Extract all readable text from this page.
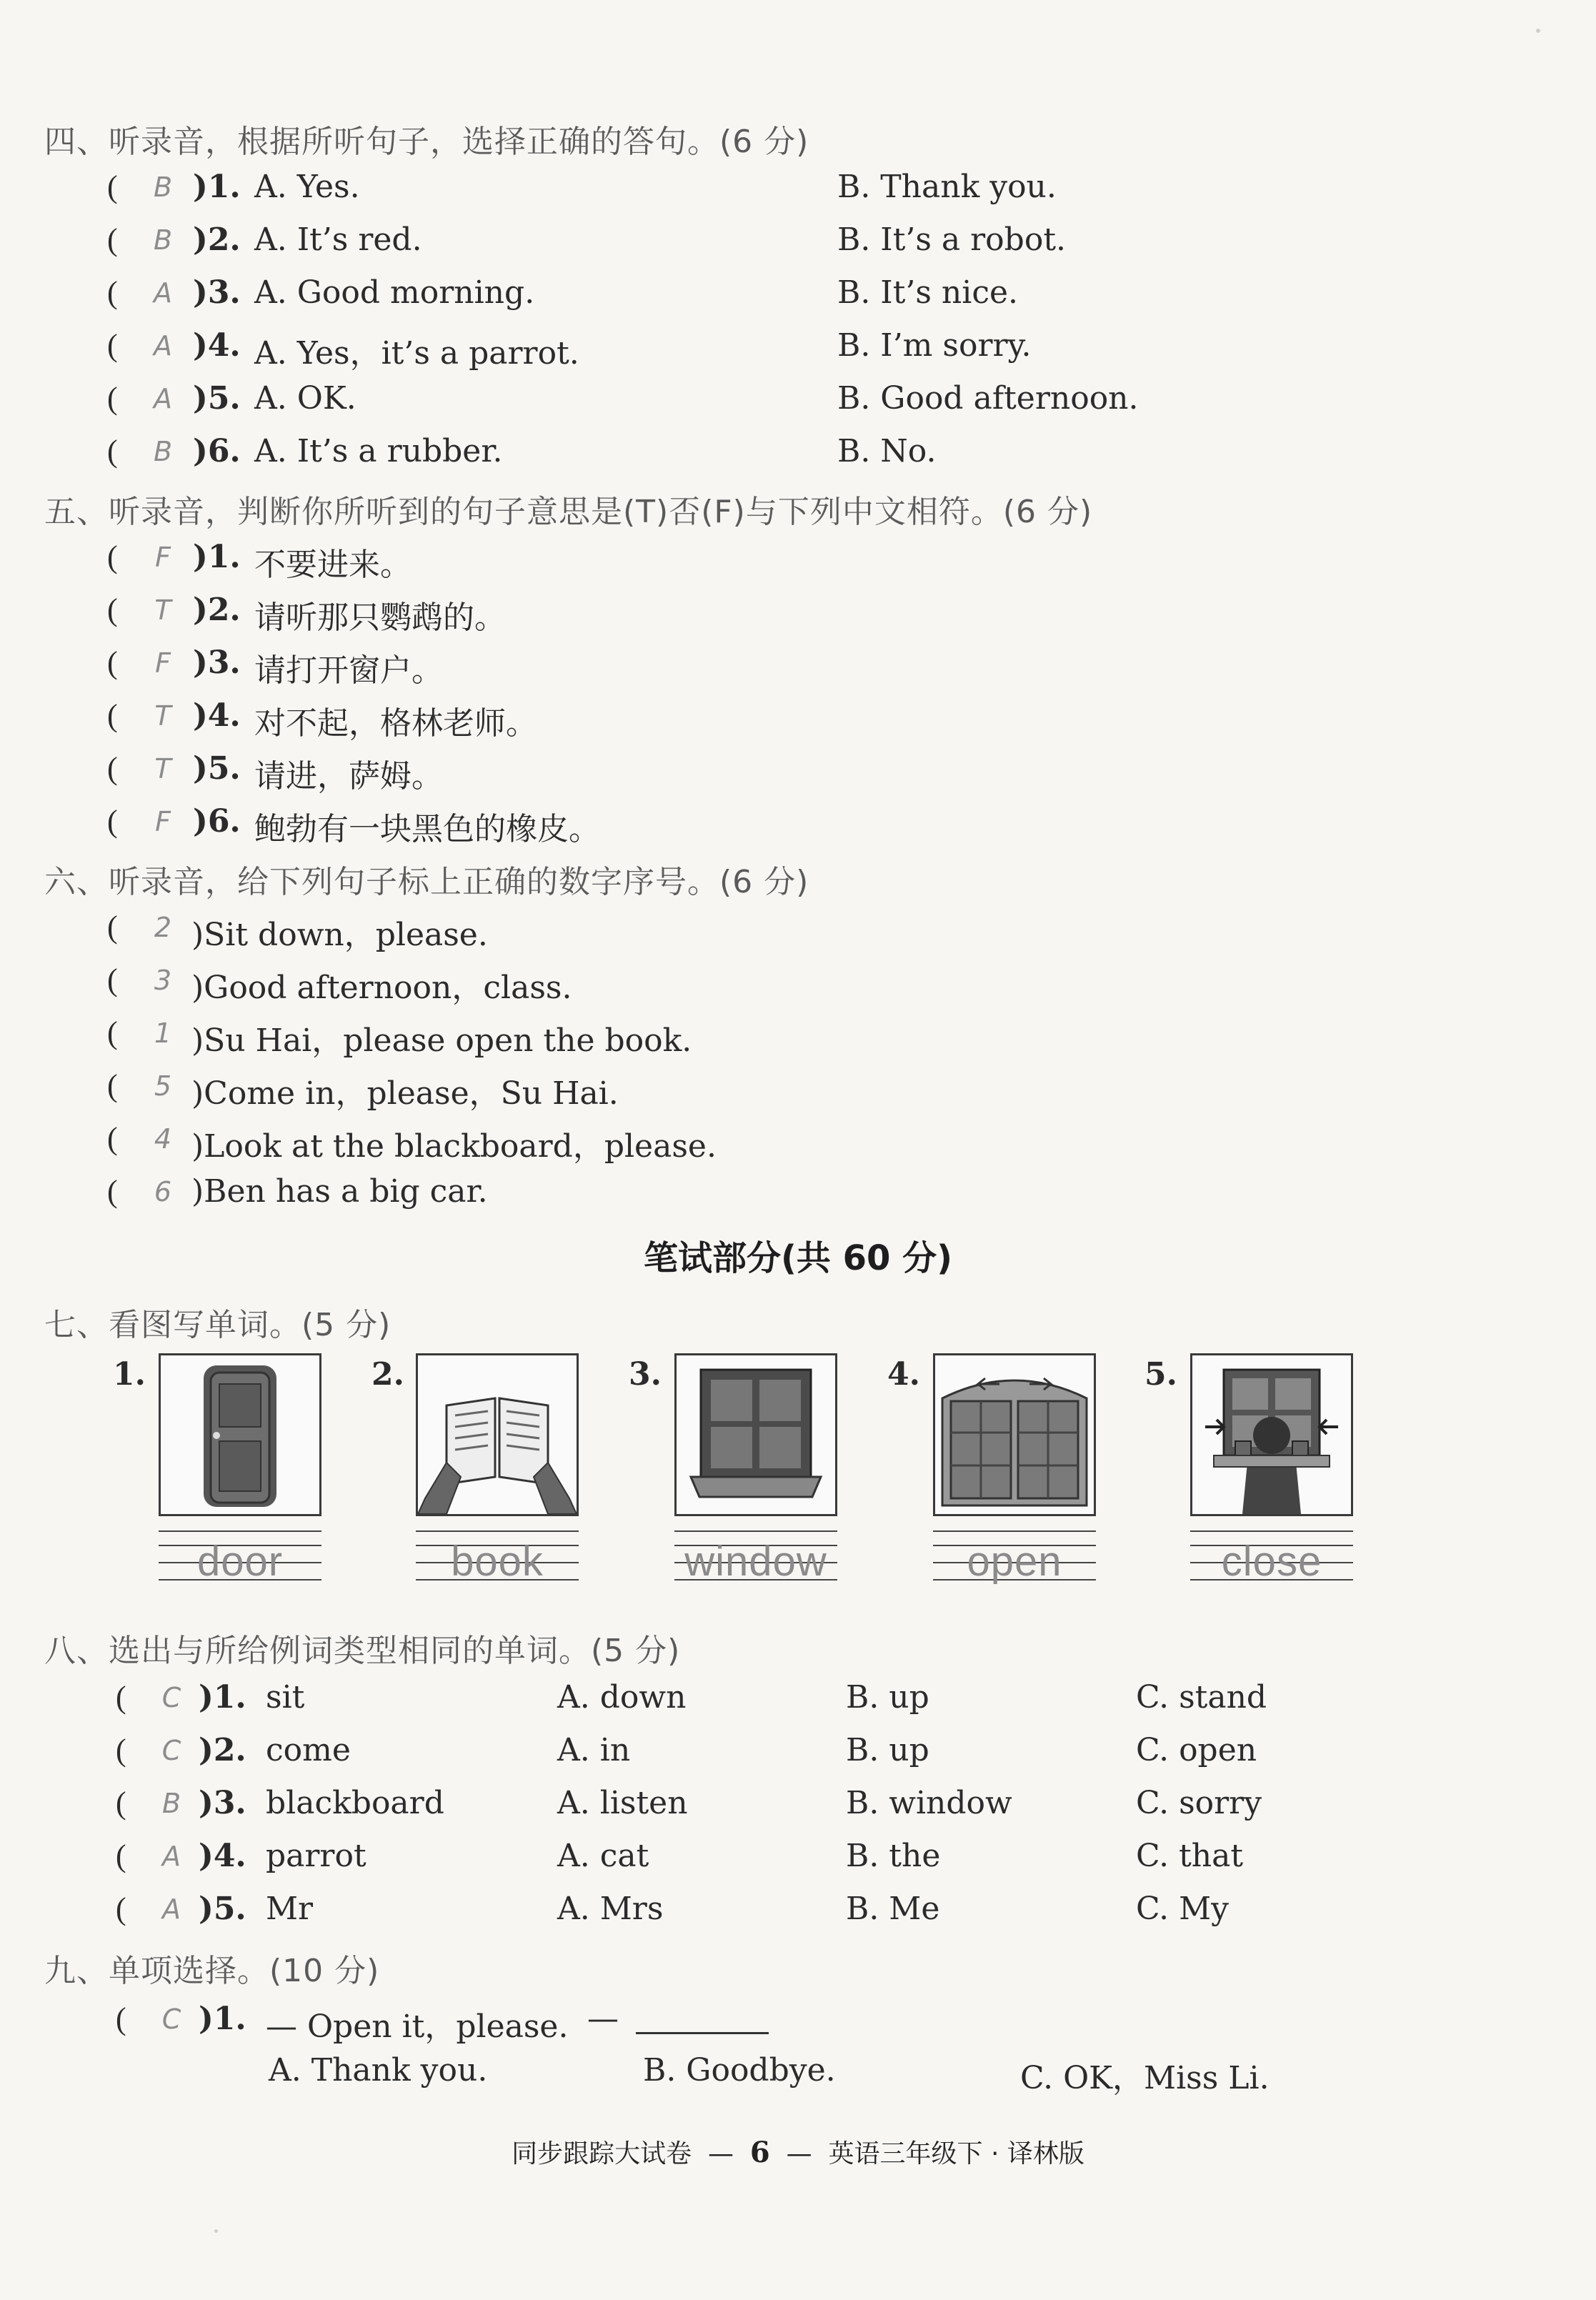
四、听录音，根据所听句子，选择正确的答句。(6 分)
( B )1. A. Yes.	B. Thank you.
( B )2. A. It’s red.	B. It’s a robot.
( A )3. A. Good morning.	B. It’s nice.
( A )4. A. Yes，it’s a parrot.	B. I’m sorry.
( A )5. A. OK.	B. Good afternoon.
( B )6. A. It’s a rubber.	B. No.
五、听录音，判断你所听到的句子意思是(T)否(F)与下列中文相符。(6 分)
( F )1. 不要进来。
( T )2. 请听那只鹦鹉的。
( F )3. 请打开窗户。
( T )4. 对不起，格林老师。
( T )5. 请进，萨姆。
( F )6. 鲍勃有一块黑色的橡皮。
六、听录音，给下列句子标上正确的数字序号。(6 分)
( 2 )Sit down，please.
( 3 )Good afternoon，class.
( 1 )Su Hai，please open the book.
( 5 )Come in，please，Su Hai.
( 4 )Look at the blackboard，please.
( 6 )Ben has a big car.
笔试部分(共 60 分)
七、看图写单词。(5 分)
1.
door
2.
book
3.
window
4.
open
5.
close
八、选出与所给例词类型相同的单词。(5 分)
( C )1. sit	A. down	B. up	C. stand
( C )2. come	A. in	B. up	C. open
( B )3. blackboard	A. listen	B. window	C. sorry
( A )4. parrot	A. cat	B. the	C. that
( A )5. Mr	A. Mrs	B. Me	C. My
九、单项选择。(10 分)
( C )1. — Open it，please. —
A. Thank you.	B. Goodbye.	C. OK，Miss Li.
同步跟踪大试卷 — 6 — 英语三年级下 · 译林版
